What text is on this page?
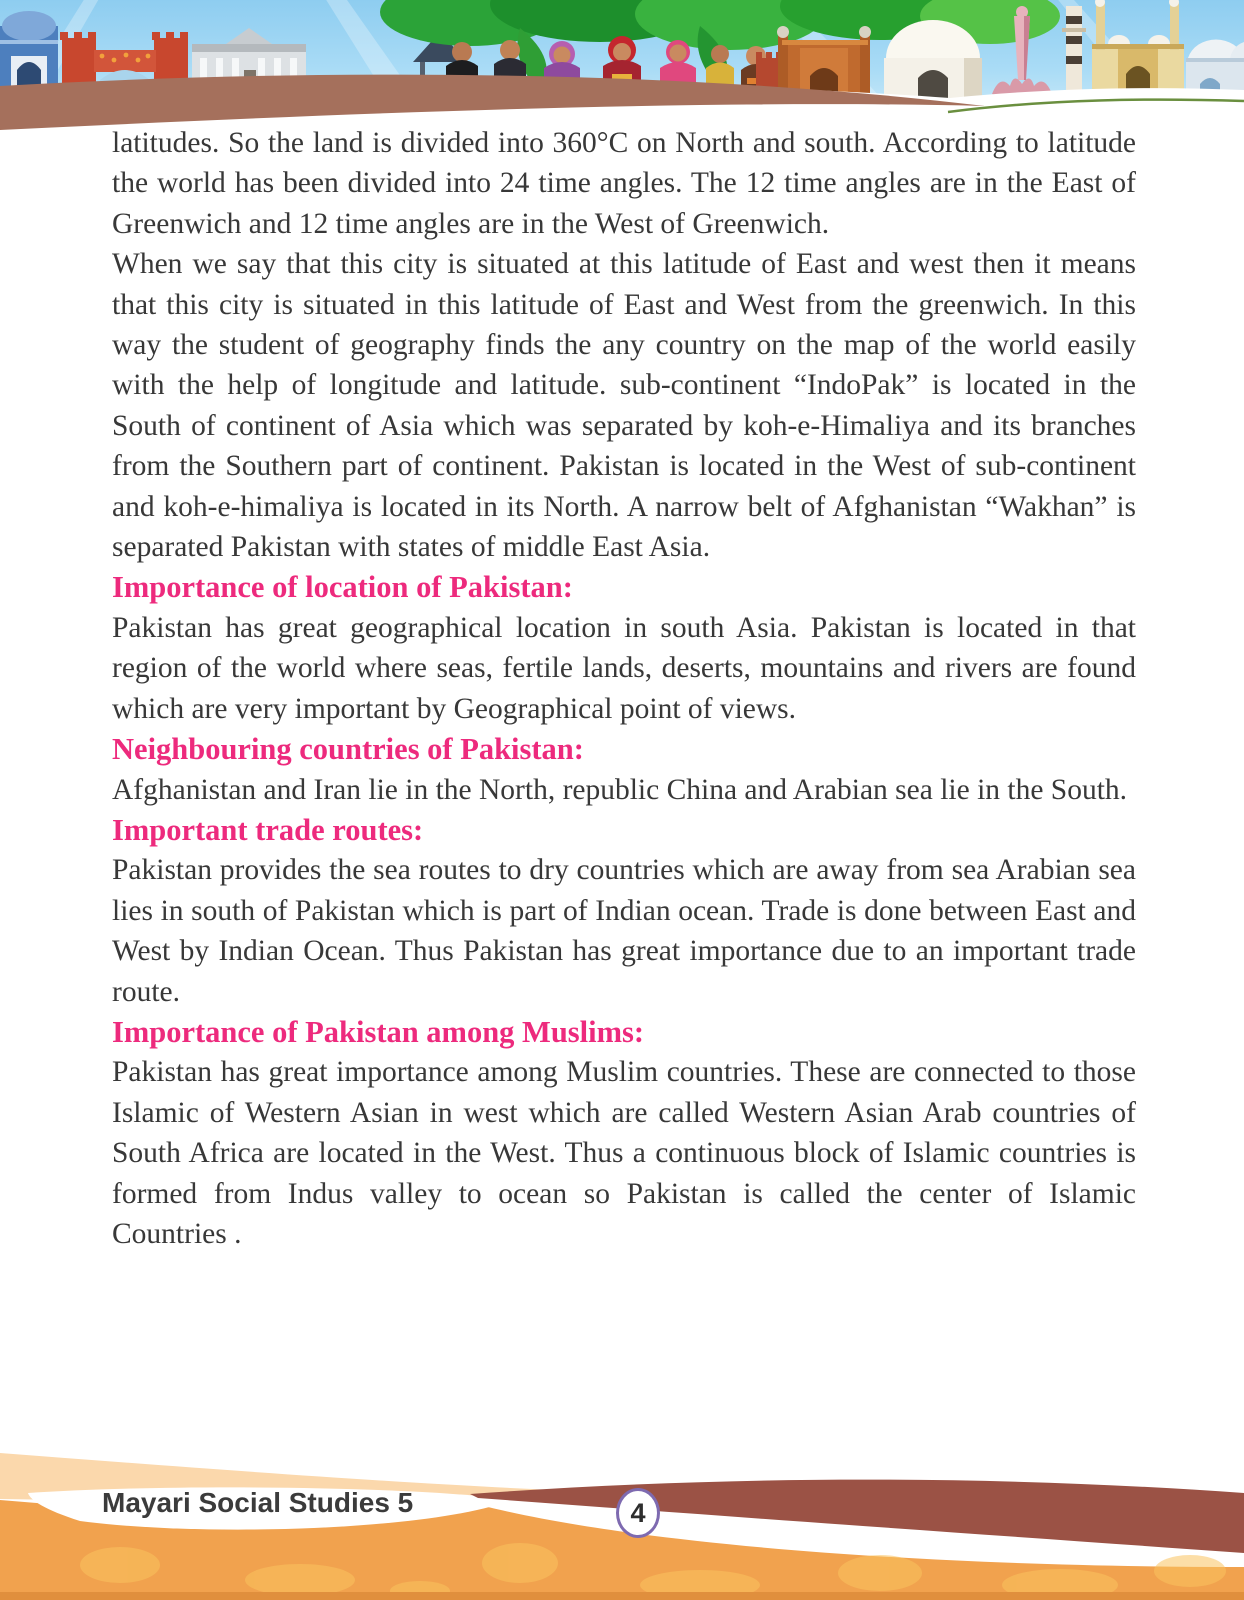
latitudes. So the land is divided into 360°C on North and south. According to latitude the world has been divided into 24 time angles. The 12 time angles are in the East of Greenwich and 12 time angles are in the West of Greenwich.

When we say that this city is situated at this latitude of East and west then it means that this city is situated in this latitude of East and West from the greenwich. In this way the student of geography finds the any country on the map of the world easily with the help of longitude and latitude. sub-continent “IndoPak” is located in the South of continent of Asia which was separated by koh-e-Himaliya and its branches from the Southern part of continent. Pakistan is located in the West of sub-continent and koh-e-himaliya is located in its North. A narrow belt of Afghanistan “Wakhan” is separated Pakistan with states of middle East Asia.

Importance of location of Pakistan:

Pakistan has great geographical location in south Asia. Pakistan is located in that region of the world where seas, fertile lands, deserts, mountains and rivers are found which are very important by Geographical point of views.

Neighbouring countries of Pakistan:

Afghanistan and Iran lie in the North, republic China and Arabian sea lie in the South.

Important trade routes:

Pakistan provides the sea routes to dry countries which are away from sea Arabian sea lies in south of Pakistan which is part of Indian ocean. Trade is done between East and West by Indian Ocean. Thus Pakistan has great importance due to an important trade route.

Importance of Pakistan among Muslims:

Pakistan has great importance among Muslim countries. These are connected to those Islamic of Western Asian in west which are called Western Asian Arab countries of South Africa are located in the West. Thus a continuous block of Islamic countries is formed from Indus valley to ocean so Pakistan is called the center of Islamic Countries .

Mayari Social Studies 5	4
